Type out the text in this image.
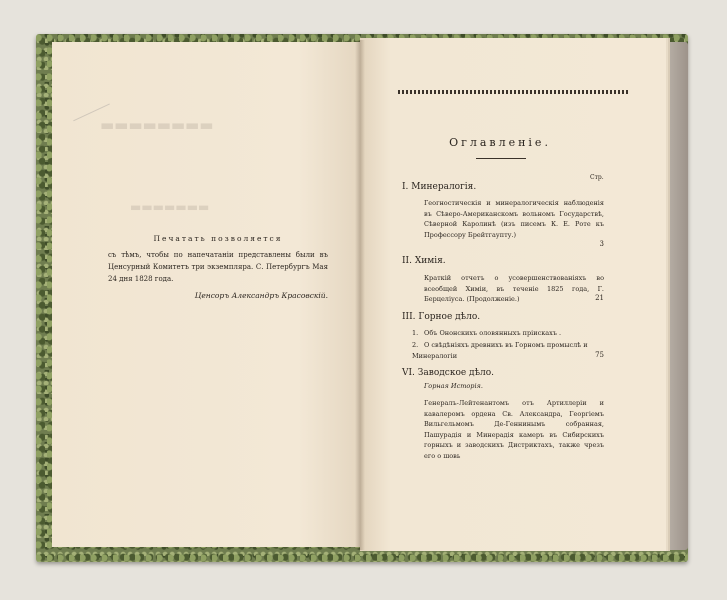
▬▬▬▬▬▬▬▬
▬▬▬▬▬▬▬
Печатать позволяется
съ тѣмъ, чтобы по напечатаніи представлены были въ Ценсурный Комитетъ три экземпляра. С. Петербургъ Мая 24 дня 1828 года.
Ценсоръ Александръ Красовскій.
Оглавленіе.
Стр.
I. Минералогія.
Геогностическія и минералогическія наблюденія въ Сѣверо-Американскомъ вольномъ Государствѣ, Сѣверной Каролинѣ (изъ писемъ К. Е. Роте къ Профессору Брейтгаупту.)
3
II. Химія.
Краткій отчетъ о усовершенствованіяхъ во всеобщей Химіи, въ теченіе 1825 года, Г. Берцеліуса. (Продолженіе.)	21
III. Горное дѣло.
1. Объ Ононскихъ оловянныхъ пріискахъ .
2. О свѣдѣніяхъ древнихъ въ Горномъ промыслѣ и Минералогіи	75
VI. Заводское дѣло.
Горная Исторія.
Генералъ-Лейтенантомъ отъ Артиллеріи и кавалеромъ ордена Св. Александра, Георгіемъ Вильгельмомъ Де-Геннинымъ собранная, Пашурадія и Минерадія камеръ въ Сибирскихъ горныхъ и заводскихъ Дистриктахъ, также чрезъ его о шовь
